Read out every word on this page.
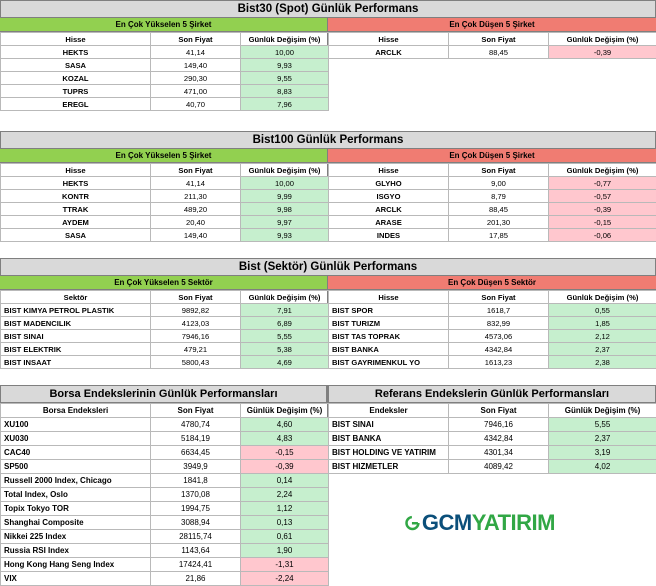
Bist30 (Spot) Günlük Performans
En Çok Yükselen 5 Şirket
Hisse	Son Fiyat	Günlük Değişim (%)
HEKTS	41,14	10,00
SASA	149,40	9,93
KOZAL	290,30	9,55
TUPRS	471,00	8,83
EREGL	40,70	7,96
En Çok Düşen 5 Şirket
Hisse	Son Fiyat	Günlük Değişim (%)
ARCLK	88,45	-0,39

Bist100 Günlük Performans
En Çok Yükselen 5 Şirket
Hisse	Son Fiyat	Günlük Değişim (%)
HEKTS	41,14	10,00
KONTR	211,30	9,99
TTRAK	489,20	9,98
AYDEM	20,40	9,97
SASA	149,40	9,93
En Çok Düşen 5 Şirket
Hisse	Son Fiyat	Günlük Değişim (%)
GLYHO	9,00	-0,77
ISGYO	8,79	-0,57
ARCLK	88,45	-0,39
ARASE	201,30	-0,15
INDES	17,85	-0,06
Bist (Sektör) Günlük Performans
En Çok Yükselen 5 Sektör
Sektör	Son Fiyat	Günlük Değişim (%)
BIST KIMYA PETROL PLASTIK	9892,82	7,91
BIST MADENCILIK	4123,03	6,89
BIST SINAI	7946,16	5,55
BIST ELEKTRIK	479,21	5,38
BIST INSAAT	5800,43	4,69
En Çok Düşen 5 Sektör
Hisse	Son Fiyat	Günlük Değişim (%)
BIST SPOR	1618,7	0,55
BIST TURIZM	832,99	1,85
BIST TAS TOPRAK	4573,06	2,12
BIST BANKA	4342,84	2,37
BIST GAYRIMENKUL YO	1613,23	2,38
Borsa Endekslerinin Günlük Performansları
Borsa Endeksleri	Son Fiyat	Günlük Değişim (%)
XU100	4780,74	4,60
XU030	5184,19	4,83
CAC40	6634,45	-0,15
SP500	3949,9	-0,39
Russell 2000 Index, Chicago	1841,8	0,14
Total Index, Oslo	1370,08	2,24
Topix Tokyo TOR	1994,75	1,12
Shanghai Composite	3088,94	0,13
Nikkei 225 Index	28115,74	0,61
Russia RSI Index	1143,64	1,90
Hong Kong Hang Seng Index	17424,41	-1,31
VIX	21,86	-2,24
Referans Endekslerin Günlük Performansları
Endeksler	Son Fiyat	Günlük Değişim (%)
BIST SINAI	7946,16	5,55
BIST BANKA	4342,84	2,37
BIST HOLDING VE YATIRIM	4301,34	3,19
BIST HIZMETLER	4089,42	4,02
GCMYATIRIM
